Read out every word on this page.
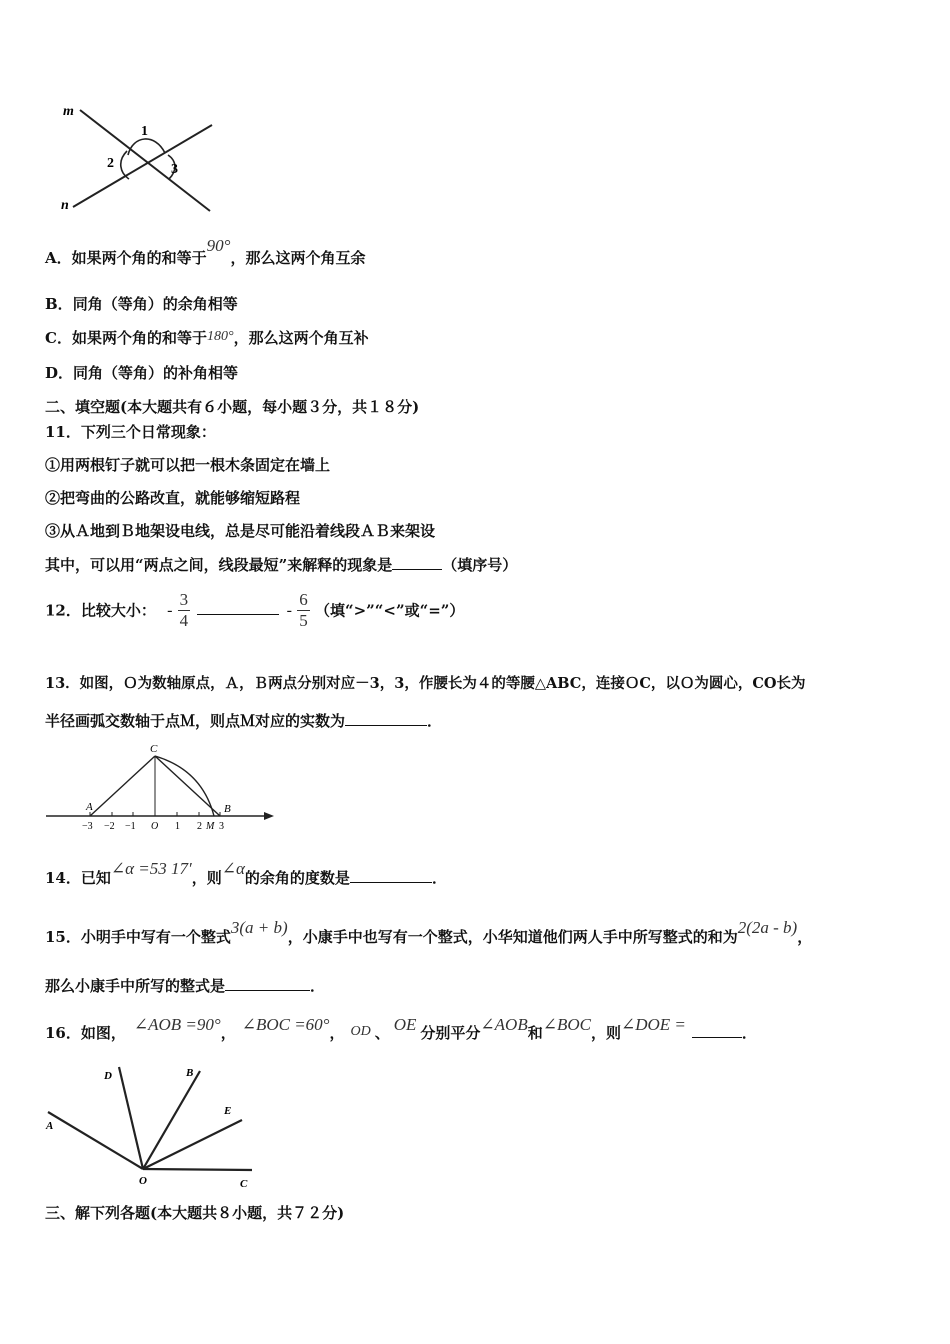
m
n
1
2	3
A．如果两个角的和等于90°，那么这两个角互余
B．同角（等角）的余角相等
C．如果两个角的和等于180°，那么这两个角互补
D．同角（等角）的补角相等
二、填空题(本大题共有６小题，每小题３分，共１８分)
11．下列三个日常现象：
①用两根钉子就可以把一根木条固定在墙上
②把弯曲的公路改直，就能够缩短路程
③从Ａ地到Ｂ地架设电线，总是尽可能沿着线段ＡＢ来架设
其中，可以用“两点之间，线段最短”来解释的现象是	（填序号）
12．比较大小： - $\frac{3}{4}$	- $\frac{6}{5}$ （填“>”“<”或“=”）
13．如图，Ｏ为数轴原点，Ａ，Ｂ两点分别对应－3，3，作腰长为４的等腰△ABC，连接ＯC，以Ｏ为圆心，CO长为
半径画弧交数轴于点Ｍ，则点Ｍ对应的实数为	．
C
A	B
−3 −2 −1 O 1 2 M 3
14．已知∠α =53 17′，则∠α的余角的度数是	．
15．小明手中写有一个整式3(a + b)，小康手中也写有一个整式，小华知道他们两人手中所写整式的和为2(2a - b)，
那么小康手中所写的整式是	．
16．如图， ∠AOB =90°， ∠BOC =60°， OD 、 OE 分别平分∠AOB和∠BOC，则∠DOE =	．
A
D	B
E
C
O
三、解下列各题(本大题共８小题，共７２分)
